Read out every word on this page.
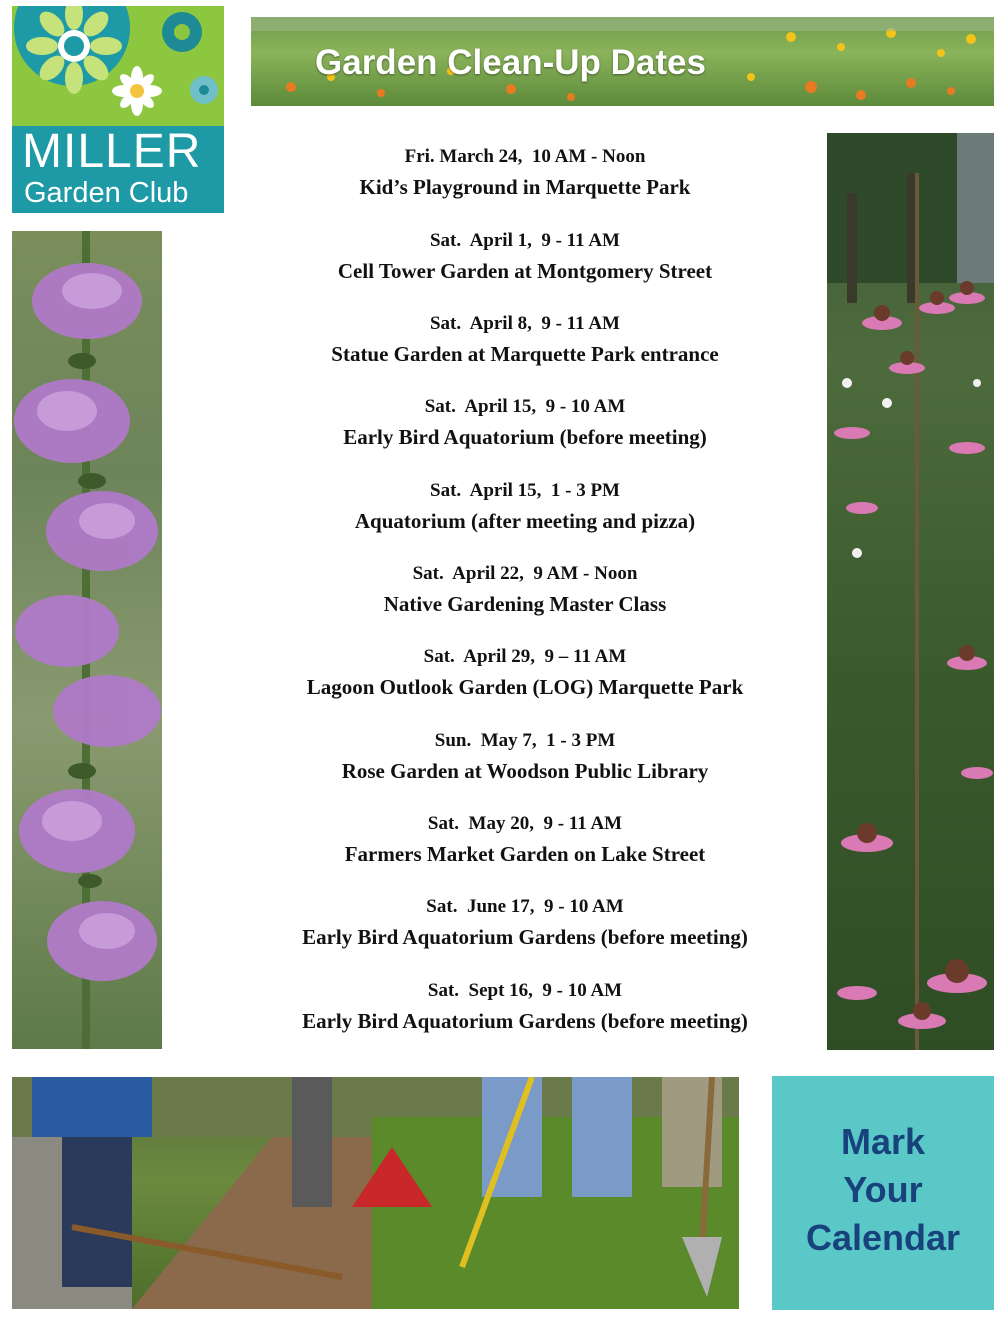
MILLER
Garden Club
Garden Clean-Up Dates
Fri. March 24,  10 AM - Noon
Kid’s Playground in Marquette Park
Sat.  April 1,  9 - 11 AM
Cell Tower Garden at Montgomery Street
Sat.  April 8,  9 - 11 AM
Statue Garden at Marquette Park entrance
Sat.  April 15,  9 - 10 AM
Early Bird Aquatorium (before meeting)
Sat.  April 15,  1 - 3 PM
Aquatorium (after meeting and pizza)
Sat.  April 22,  9 AM - Noon
Native Gardening Master Class
Sat.  April 29,  9 – 11 AM
Lagoon Outlook Garden (LOG) Marquette Park
Sun.  May 7,  1 - 3 PM
Rose Garden at Woodson Public Library
Sat.  May 20,  9 - 11 AM
Farmers Market Garden on Lake Street
Sat.  June 17,  9 - 10 AM
Early Bird Aquatorium Gardens (before meeting)
Sat.  Sept 16,  9 - 10 AM
Early Bird Aquatorium Gardens (before meeting)
Mark
Your
Calendar
